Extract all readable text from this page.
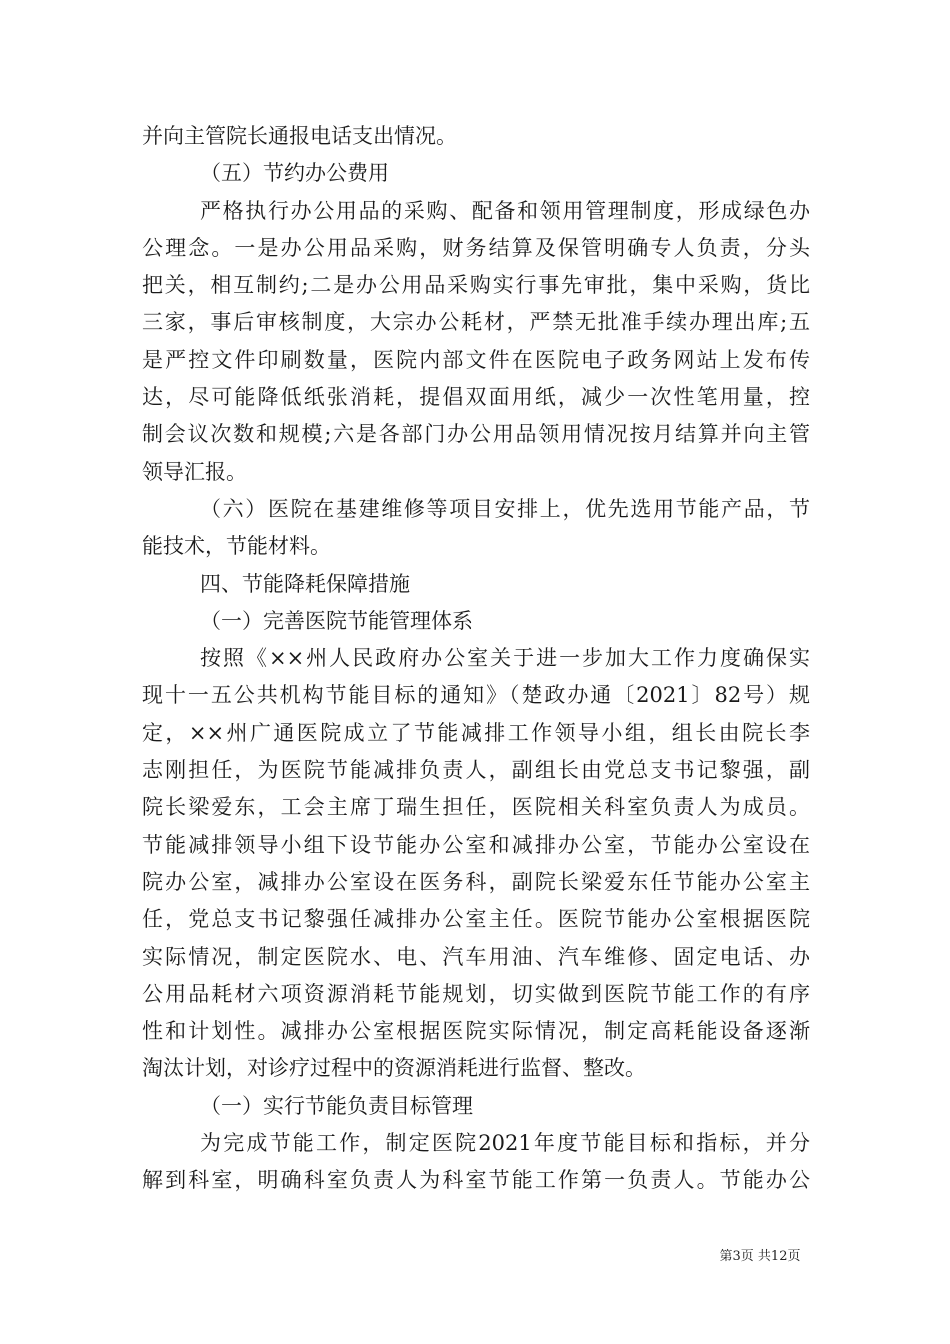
并向主管院长通报电话支出情况。
（五）节约办公费用
严格执行办公用品的采购、配备和领用管理制度，形成绿色办
公理念。一是办公用品采购，财务结算及保管明确专人负责，分头
把关，相互制约;二是办公用品采购实行事先审批，集中采购，货比
三家，事后审核制度，大宗办公耗材，严禁无批准手续办理出库;五
是严控文件印刷数量，医院内部文件在医院电子政务网站上发布传
达，尽可能降低纸张消耗，提倡双面用纸，减少一次性笔用量，控
制会议次数和规模;六是各部门办公用品领用情况按月结算并向主管
领导汇报。
（六）医院在基建维修等项目安排上，优先选用节能产品，节
能技术，节能材料。
四、节能降耗保障措施
（一）完善医院节能管理体系
按照《××州人民政府办公室关于进一步加大工作力度确保实
现十一五公共机构节能目标的通知》（楚政办通〔2021〕82号）规
定，××州广通医院成立了节能减排工作领导小组，组长由院长李
志刚担任，为医院节能减排负责人，副组长由党总支书记黎强，副
院长梁爱东，工会主席丁瑞生担任，医院相关科室负责人为成员。
节能减排领导小组下设节能办公室和减排办公室，节能办公室设在
院办公室，减排办公室设在医务科，副院长梁爱东任节能办公室主
任，党总支书记黎强任减排办公室主任。医院节能办公室根据医院
实际情况，制定医院水、电、汽车用油、汽车维修、固定电话、办
公用品耗材六项资源消耗节能规划，切实做到医院节能工作的有序
性和计划性。减排办公室根据医院实际情况，制定高耗能设备逐渐
淘汰计划，对诊疗过程中的资源消耗进行监督、整改。
（一）实行节能负责目标管理
为完成节能工作，制定医院2021年度节能目标和指标，并分
解到科室，明确科室负责人为科室节能工作第一负责人。节能办公
第3页 共12页
